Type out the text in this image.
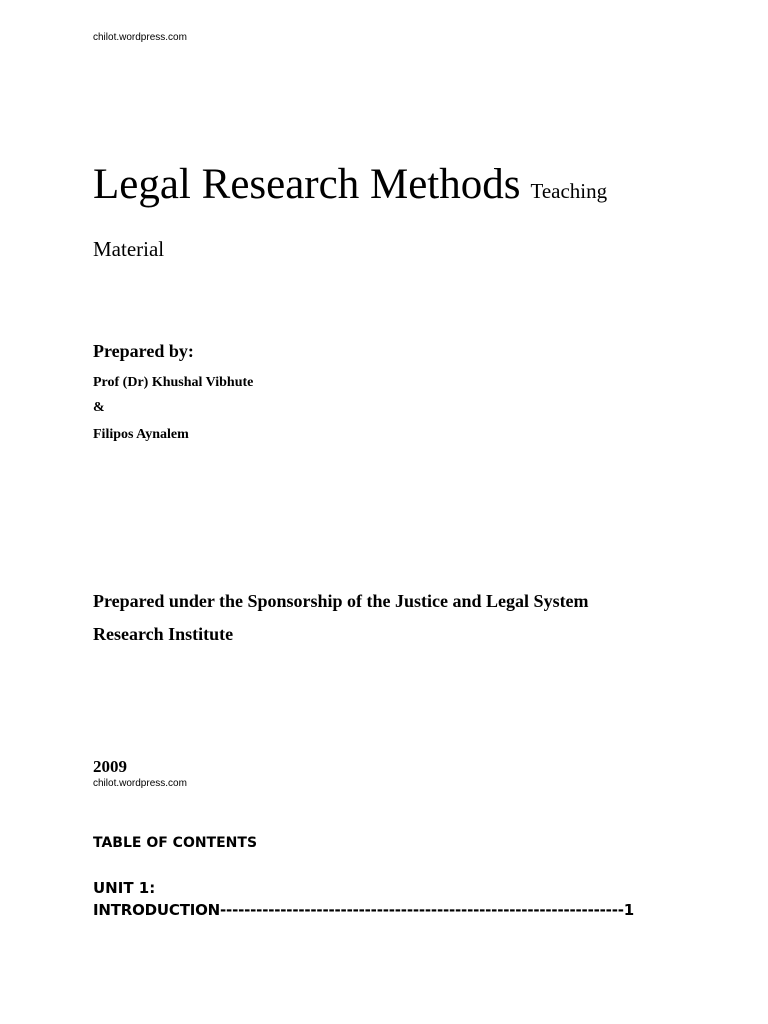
chilot.wordpress.com
Legal Research Methods Teaching
Material
Prepared by:
Prof (Dr) Khushal Vibhute
&
Filipos Aynalem
Prepared under the Sponsorship of the Justice and Legal System
Research Institute
2009
chilot.wordpress.com
TABLE OF CONTENTS
UNIT 1:
INTRODUCTION-------------------------------------------------------------------1
